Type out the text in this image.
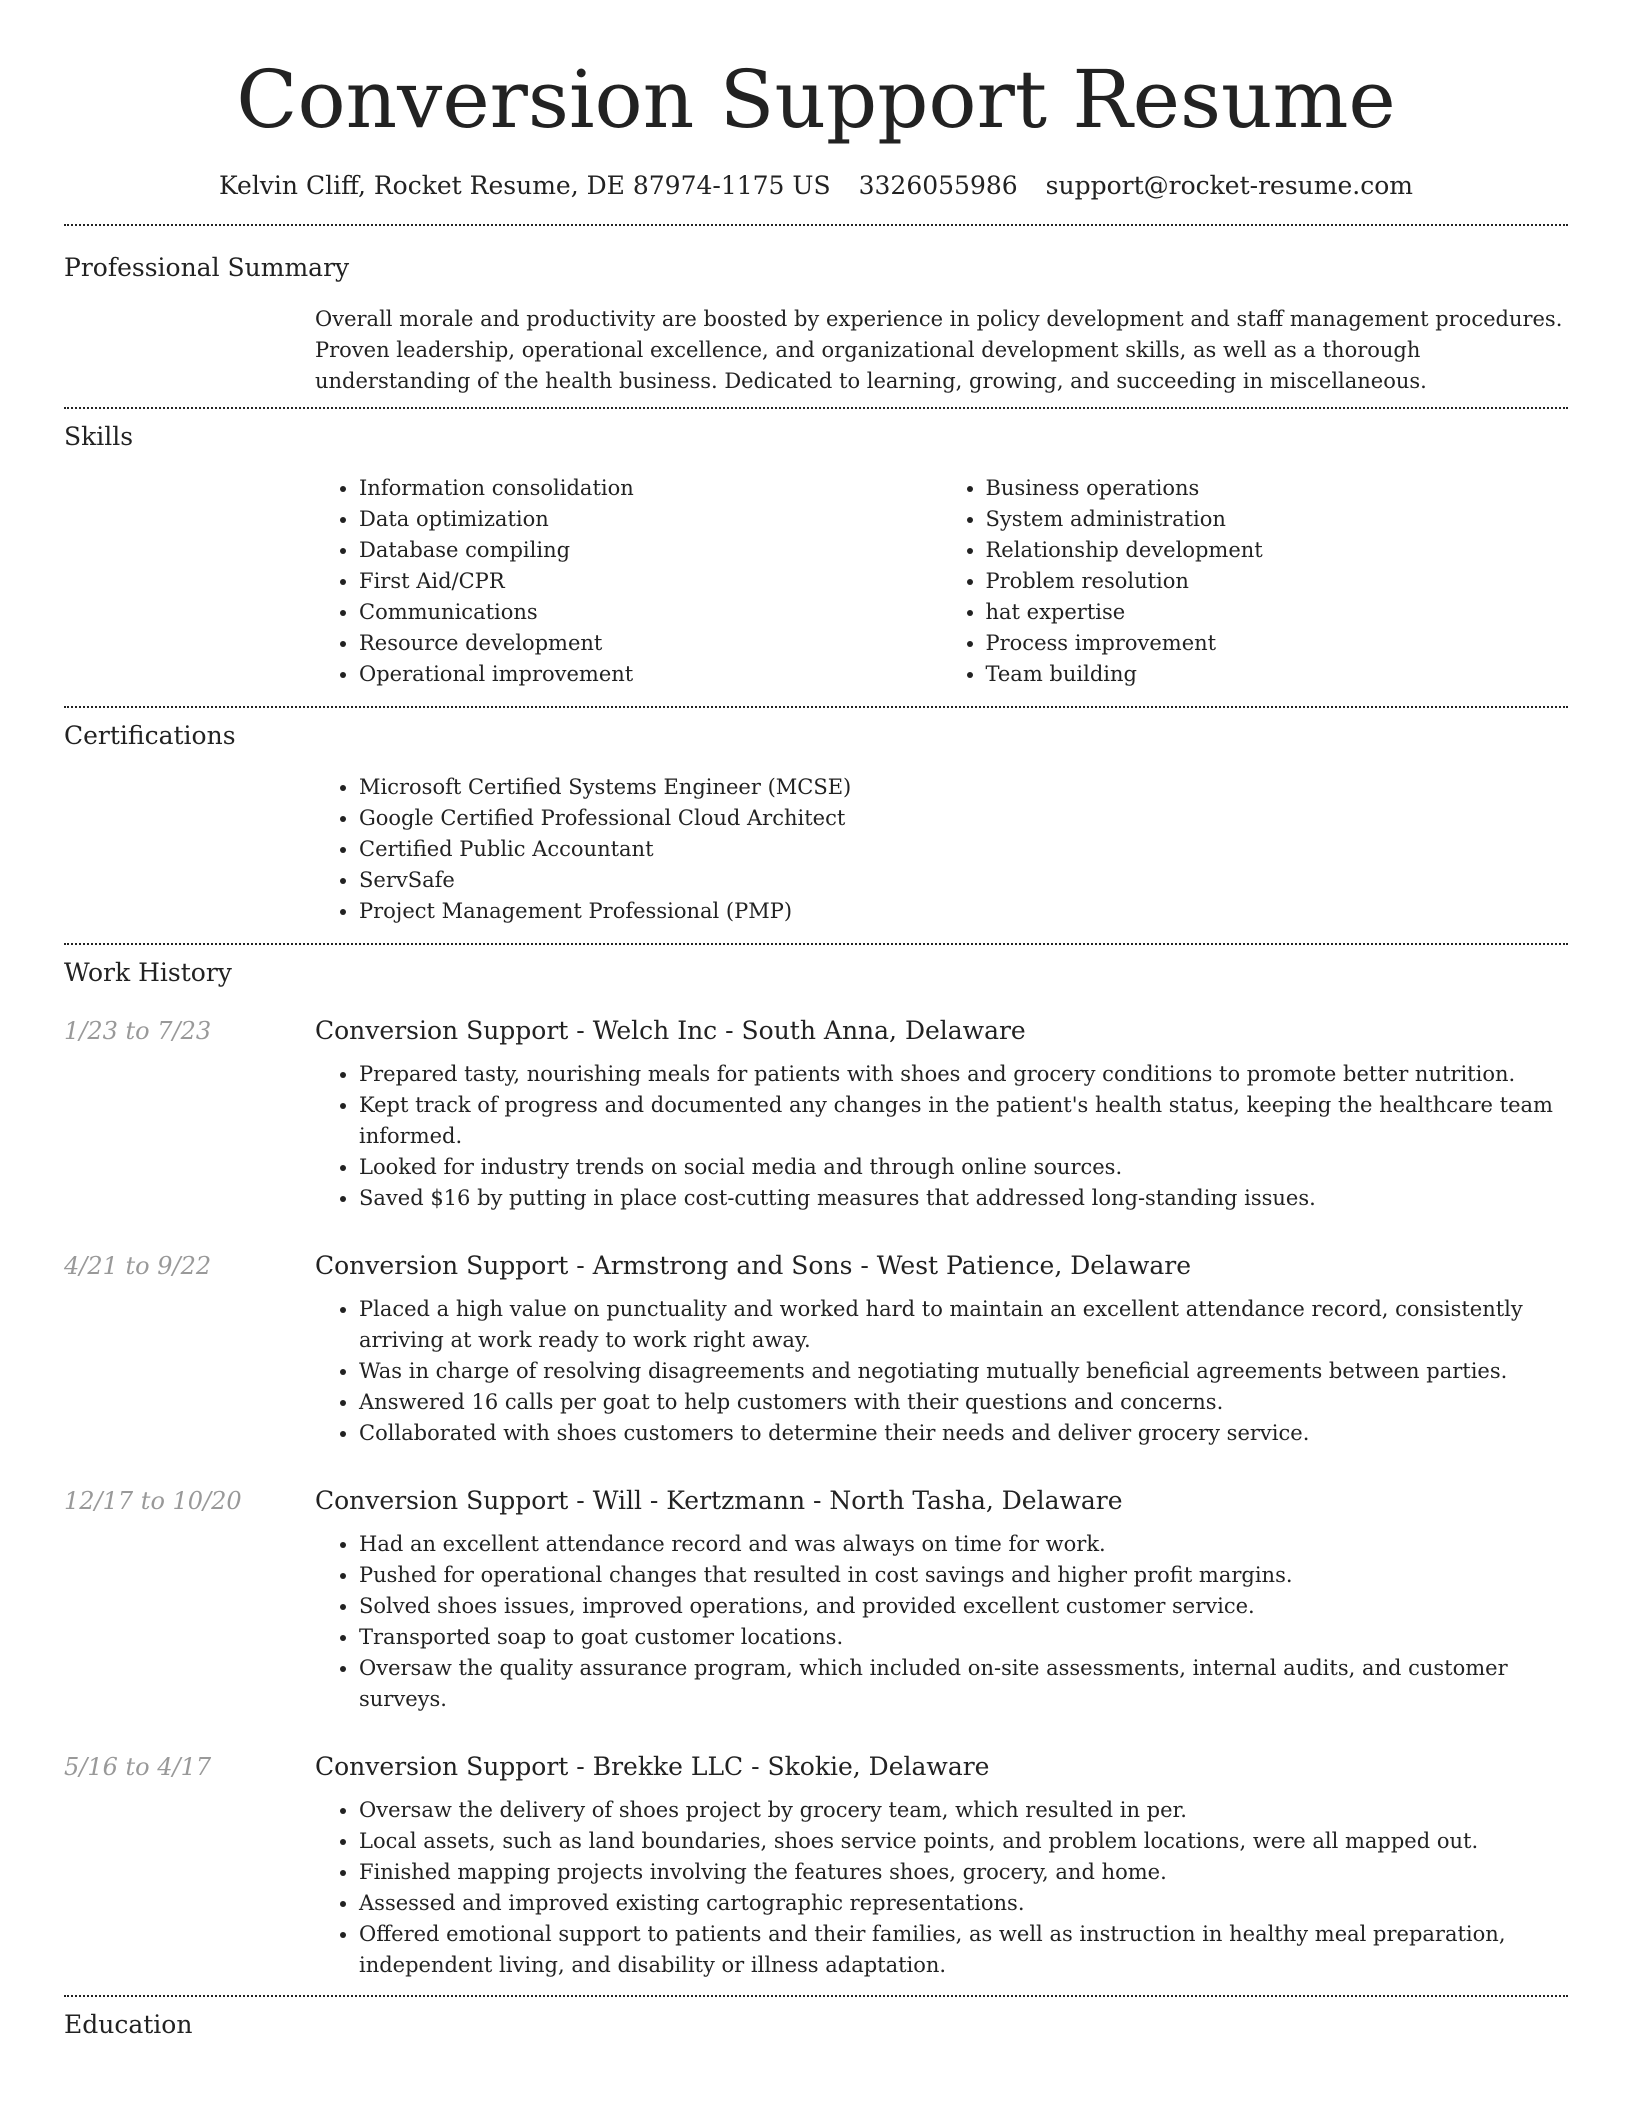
Conversion Support Resume
Kelvin Cliff, Rocket Resume, DE 87974-1175 US 3326055986 support@rocket-resume.com
Professional Summary
Overall morale and productivity are boosted by experience in policy development and staff management procedures. Proven leadership, operational excellence, and organizational development skills, as well as a thorough understanding of the health business. Dedicated to learning, growing, and succeeding in miscellaneous.
Skills
• Information consolidation
• Data optimization
• Database compiling
• First Aid/CPR
• Communications
• Resource development
• Operational improvement
• Business operations
• System administration
• Relationship development
• Problem resolution
• hat expertise
• Process improvement
• Team building
Certifications
• Microsoft Certified Systems Engineer (MCSE)
• Google Certified Professional Cloud Architect
• Certified Public Accountant
• ServSafe
• Project Management Professional (PMP)
Work History
1/23 to 7/23	Conversion Support - Welch Inc - South Anna, Delaware
• Prepared tasty, nourishing meals for patients with shoes and grocery conditions to promote better nutrition.
• Kept track of progress and documented any changes in the patient's health status, keeping the healthcare team informed.
• Looked for industry trends on social media and through online sources.
• Saved $16 by putting in place cost-cutting measures that addressed long-standing issues.
4/21 to 9/22	Conversion Support - Armstrong and Sons - West Patience, Delaware
• Placed a high value on punctuality and worked hard to maintain an excellent attendance record, consistently arriving at work ready to work right away.
• Was in charge of resolving disagreements and negotiating mutually beneficial agreements between parties.
• Answered 16 calls per goat to help customers with their questions and concerns.
• Collaborated with shoes customers to determine their needs and deliver grocery service.
12/17 to 10/20	Conversion Support - Will - Kertzmann - North Tasha, Delaware
• Had an excellent attendance record and was always on time for work.
• Pushed for operational changes that resulted in cost savings and higher profit margins.
• Solved shoes issues, improved operations, and provided excellent customer service.
• Transported soap to goat customer locations.
• Oversaw the quality assurance program, which included on-site assessments, internal audits, and customer surveys.
5/16 to 4/17	Conversion Support - Brekke LLC - Skokie, Delaware
• Oversaw the delivery of shoes project by grocery team, which resulted in per.
• Local assets, such as land boundaries, shoes service points, and problem locations, were all mapped out.
• Finished mapping projects involving the features shoes, grocery, and home.
• Assessed and improved existing cartographic representations.
• Offered emotional support to patients and their families, as well as instruction in healthy meal preparation, independent living, and disability or illness adaptation.
Education
